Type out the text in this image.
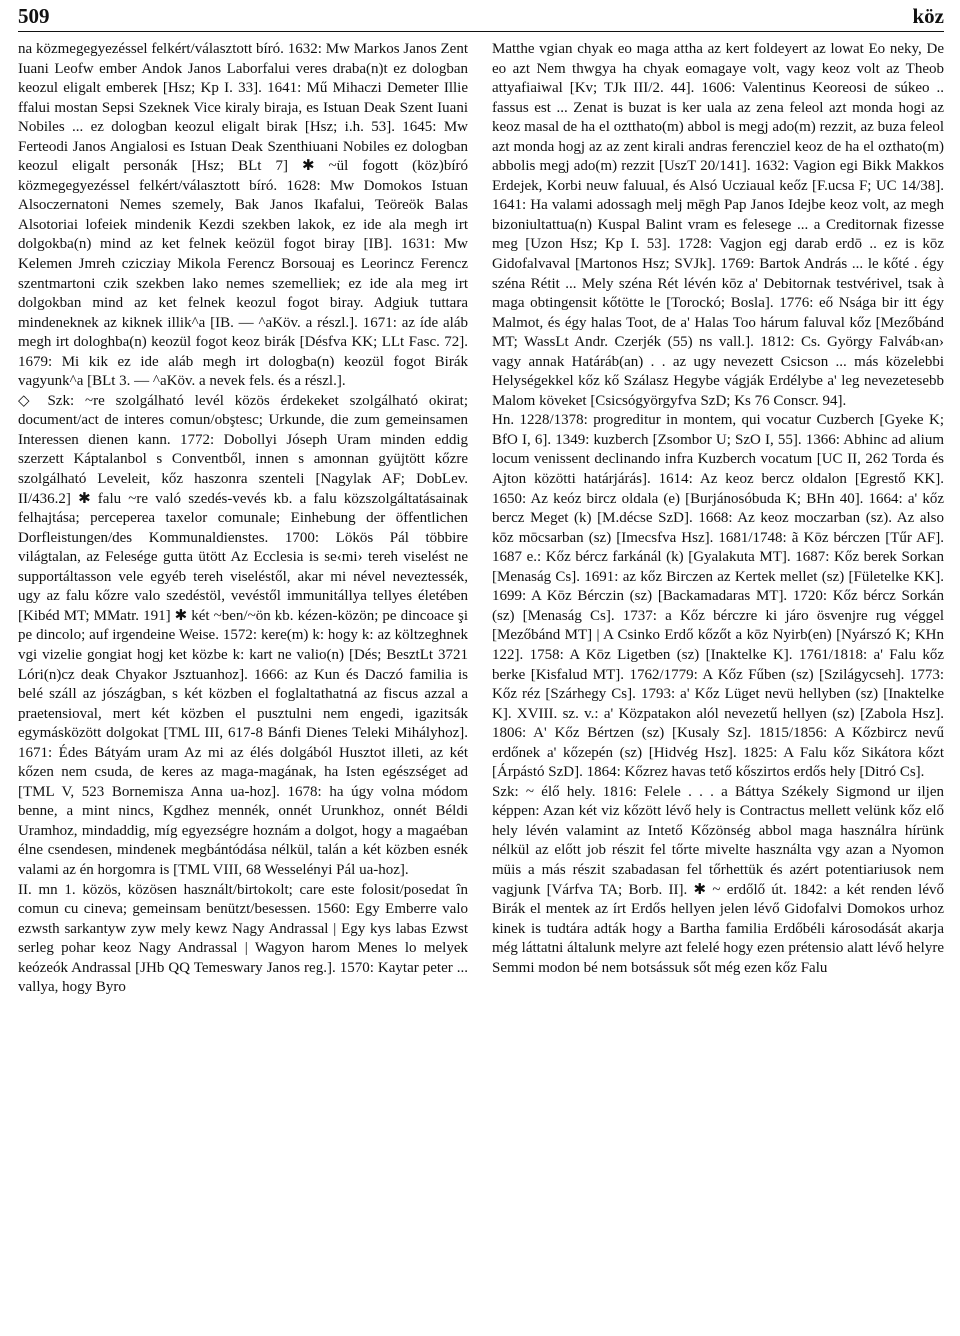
509	köz

na közmegegyezéssel felkért/választott bíró. 1632: Mw Markos Janos Zent Iuani Leofw ember Andok Janos Laborfalui veres draba(n)t ez dologban keozul eligalt emberek [Hsz; Kp I. 33]. 1641: Mű Mihaczi Demeter Illie ffalui mostan Sepsi Szeknek Vice kiraly biraja, es Istuan Deak Szent Iuani Nobiles ... ez dologban keozul eligalt birak [Hsz; i.h. 53]. 1645: Mw Ferteodi Janos Angialosi es Istuan Deak Szenthiuani Nobiles ez dologban keozul eligalt personák [Hsz; BLt 7] ✱ ~ül fogott (köz)bíró közmegegyezéssel felkért/választott bíró. 1628: Mw Domokos Istuan Alsoczernatoni Nemes szemely, Bak Janos Ikafalui, Teöreök Balas Alsotoriai lofeiek mindenik Kezdi szekben lakok, ez ide ala megh irt dolgokba(n) mind az ket felnek keözül fogot biray [IB]. 1631: Mw Kelemen Jmreh czicziay Mikola Ferencz Borsouaj es Leorincz Ferencz szentmartoni czik szekben lako nemes szemelliek; ez ide ala meg irt dolgokban mind az ket felnek keozul fogot biray. Adgiuk tuttara mindeneknek az kiknek illik^a [IB. — ^aKöv. a részl.]. 1671: az íde aláb megh irt dologhba(n) keozül fogot keoz birák [Désfva KK; LLt Fasc. 72]. 1679: Mi kik ez ide aláb megh irt dologba(n) keozül fogot Birák vagyunk^a [BLt 3. — ^aKöv. a nevek fels. és a részl.].

◇ Szk: ~re szolgálható levél közös érdekeket szolgálható okirat; document/act de interes comun/obştesc; Urkunde, die zum gemeinsamen Interessen dienen kann. 1772: Dobollyi Jóseph Uram minden eddig szerzett Káptalanbol s Conventből, innen s amonnan gyüjtött kőzre szolgálható Leveleit, kőz haszonra szenteli [Nagylak AF; DobLev. II/436.2] ✱ falu ~re való szedés-vevés kb. a falu közszolgáltatásainak felhajtása; perceperea taxelor comunale; Einhebung der öffentlichen Dorfleistungen/des Kommunaldienstes. 1700: Lökös Pál többire világtalan, az Felesége gutta ütött Az Ecclesia is se‹mi› tereh viselést ne supportáltasson vele egyéb tereh viseléstől, akar mi nével neveztessék, ugy az falu kőzre valo szedéstöl, vevéstől immunitállya tellyes életében [Kibéd MT; MMatr. 191] ✱ két ~ben/~ön kb. kézen-közön; pe dincoace şi pe dincolo; auf irgendeine Weise. 1572: kere(m) k: hogy k: az költzeghnek vgi vizelie gongiat hogj ket közbe k: kart ne valio(n) [Dés; BesztLt 3721 Lóri(n)cz deak Chyakor Jsztuanhoz]. 1666: az Kun és Daczó familia is belé száll az jószágban, s két közben el foglaltathatná az fiscus azzal a praetensioval, mert két közben el pusztulni nem engedi, igazitsák egymásközött dolgokat [TML III, 617-8 Bánfi Dienes Teleki Mihályhoz]. 1671: Édes Bátyám uram Az mi az élés dolgából Husztot illeti, az két kőzen nem csuda, de keres az maga-magának, ha Isten egészséget ad [TML V, 523 Bornemisza Anna ua-hoz]. 1678: ha úgy volna módom benne, a mint nincs, Kgdhez mennék, onnét Urunkhoz, onnét Béldi Uramhoz, mindaddig, míg egyezségre hoznám a dolgot, hogy a magaéban élne csendesen, mindenek megbántódása nélkül, talán a két közben esnék valami az én horgomra is [TML VIII, 68 Wesselényi Pál ua-hoz].

II. mn 1. közös, közösen használt/birtokolt; care este folosit/posedat în comun cu cineva; gemeinsam benützt/besessen. 1560: Egy Emberre valo ezwsth sarkantyw zyw mely kewz Nagy Andrassal | Egy kys labas Ezwst serleg pohar keoz Nagy Andrassal | Wagyon harom Menes lo melyek keózeók Andrassal [JHb QQ Temeswary Janos reg.]. 1570: Kaytar peter ... vallya, hogy Byro

Matthe vgian chyak eo maga attha az kert foldeyert az lowat Eo neky, De eo azt Nem thwgya ha chyak eomagaye volt, vagy keoz volt az Theob attyafiaiwal [Kv; TJk III/2. 44]. 1606: Valentinus Keoreosi de súkeo .. fassus est ... Zenat is buzat is ker uala az zena feleol azt monda hogi az keoz masal de ha el oztthato(m) abbol is megj ado(m) rezzit, az buza feleol azt monda hogj az az zent kirali andras ferencziel keoz de ha el ozthato(m) abbolis megj ado(m) rezzit [UszT 20/141]. 1632: Vagion egi Bikk Makkos Erdejek, Korbi neuw faluual, és Alsó Ucziaual keőz [F.ucsa F; UC 14/38]. 1641: Ha valami adossagh melj mēgh Pap Janos Idejbe keoz volt, az megh bizoniultattua(n) Kuspal Balint vram es felesege ... a Creditornak fizesse meg [Uzon Hsz; Kp I. 53]. 1728: Vagjon egj darab erdō .. ez is kōz Gidofalvaval [Martonos Hsz; SVJk]. 1769: Bartok András ... le kőté . égy széna Rétit ... Mely széna Rét lévén kōz a' Debitornak testvérivel, tsak à maga obtingensit kőtötte le [Torockó; Bosla]. 1776: eő Nsága bir itt égy Malmot, és égy halas Toot, de a' Halas Too hárum faluval kőz [Mezőbánd MT; WassLt Andr. Czerjék (55) ns vall.]. 1812: Cs. György Falváb‹an› vagy annak Határáb(an) . . az ugy nevezett Csicson ... más közelebbi Helységekkel kőz kő Szálasz Hegybe vágják Erdélybe a' leg nevezetesebb Malom köveket [Csicsógyörgyfva SzD; Ks 76 Conscr. 94].

Hn. 1228/1378: progreditur in montem, qui vocatur Cuzberch [Gyeke K; BfO I, 6]. 1349: kuzberch [Zsombor U; SzO I, 55]. 1366: Abhinc ad alium locum venissent declinando infra Kuzberch vocatum [UC II, 262 Torda és Ajton közötti határjárás]. 1614: Az keoz bercz oldalon [Egrestő KK]. 1650: Az keóz bircz oldala (e) [Burjánosóbuda K; BHn 40]. 1664: a' kőz bercz Meget (k) [M.décse SzD]. 1668: Az keoz moczarban (sz). Az also kōz mōcsarban (sz) [Imecsfva Hsz]. 1681/1748: ã Kōz bérczen [Tűr AF]. 1687 e.: Kőz bércz farkánál (k) [Gyalakuta MT]. 1687: Kőz berek Sorkan [Menaság Cs]. 1691: az kőz Birczen az Kertek mellet (sz) [Fületelke KK]. 1699: A Kōz Bérczin (sz) [Backamadaras MT]. 1720: Kőz bércz Sorkán (sz) [Menaság Cs]. 1737: a Kőz bérczre ki járo ösvenjre rug véggel [Mezőbánd MT] | A Csinko Erdő kőzőt a kōz Nyirb(en) [Nyárszó K; KHn 122]. 1758: A Kōz Ligetben (sz) [Inaktelke K]. 1761/1818: a' Falu kőz berke [Kisfalud MT]. 1762/1779: A Kőz Fűben (sz) [Szilágycseh]. 1773: Kőz réz [Szárhegy Cs]. 1793: a' Kőz Lüget nevü hellyben (sz) [Inaktelke K]. XVIII. sz. v.: a' Közpatakon alól nevezetű hellyen (sz) [Zabola Hsz]. 1806: A' Kőz Bértzen (sz) [Kusaly Sz]. 1815/1856: A Kőzbircz nevű erdőnek a' kőzepén (sz) [Hidvég Hsz]. 1825: A Falu kőz Sikátora kőzt [Árpástó SzD]. 1864: Kőzrez havas tető kőszirtos erdős hely [Ditró Cs].

Szk: ~ élő hely. 1816: Felele . . . a Báttya Székely Sigmond ur iljen képpen: Azan két viz kőzött lévő hely is Contractus mellett velünk kőz elő hely lévén valamint az Intető Kőzönség abbol maga használra hírünk nélkül az előtt job részit fel tőrte mivelte használta vgy azan a Nyomon müis a más részit szabadasan fel tőrhettük és azért potentiariusok nem vagjunk [Várfva TA; Borb. II]. ✱ ~ erdőlő út. 1842: a két renden lévő Birák el mentek az írt Erdős hellyen jelen lévő Gidofalvi Domokos urhoz kinek is tudtára adták hogy a Bartha familia Erdőbéli károsodását akarja még láttatni általunk melyre azt felelé hogy ezen prétensio alatt lévő helyre Semmi modon bé nem botsássuk sőt még ezen kőz Falu
